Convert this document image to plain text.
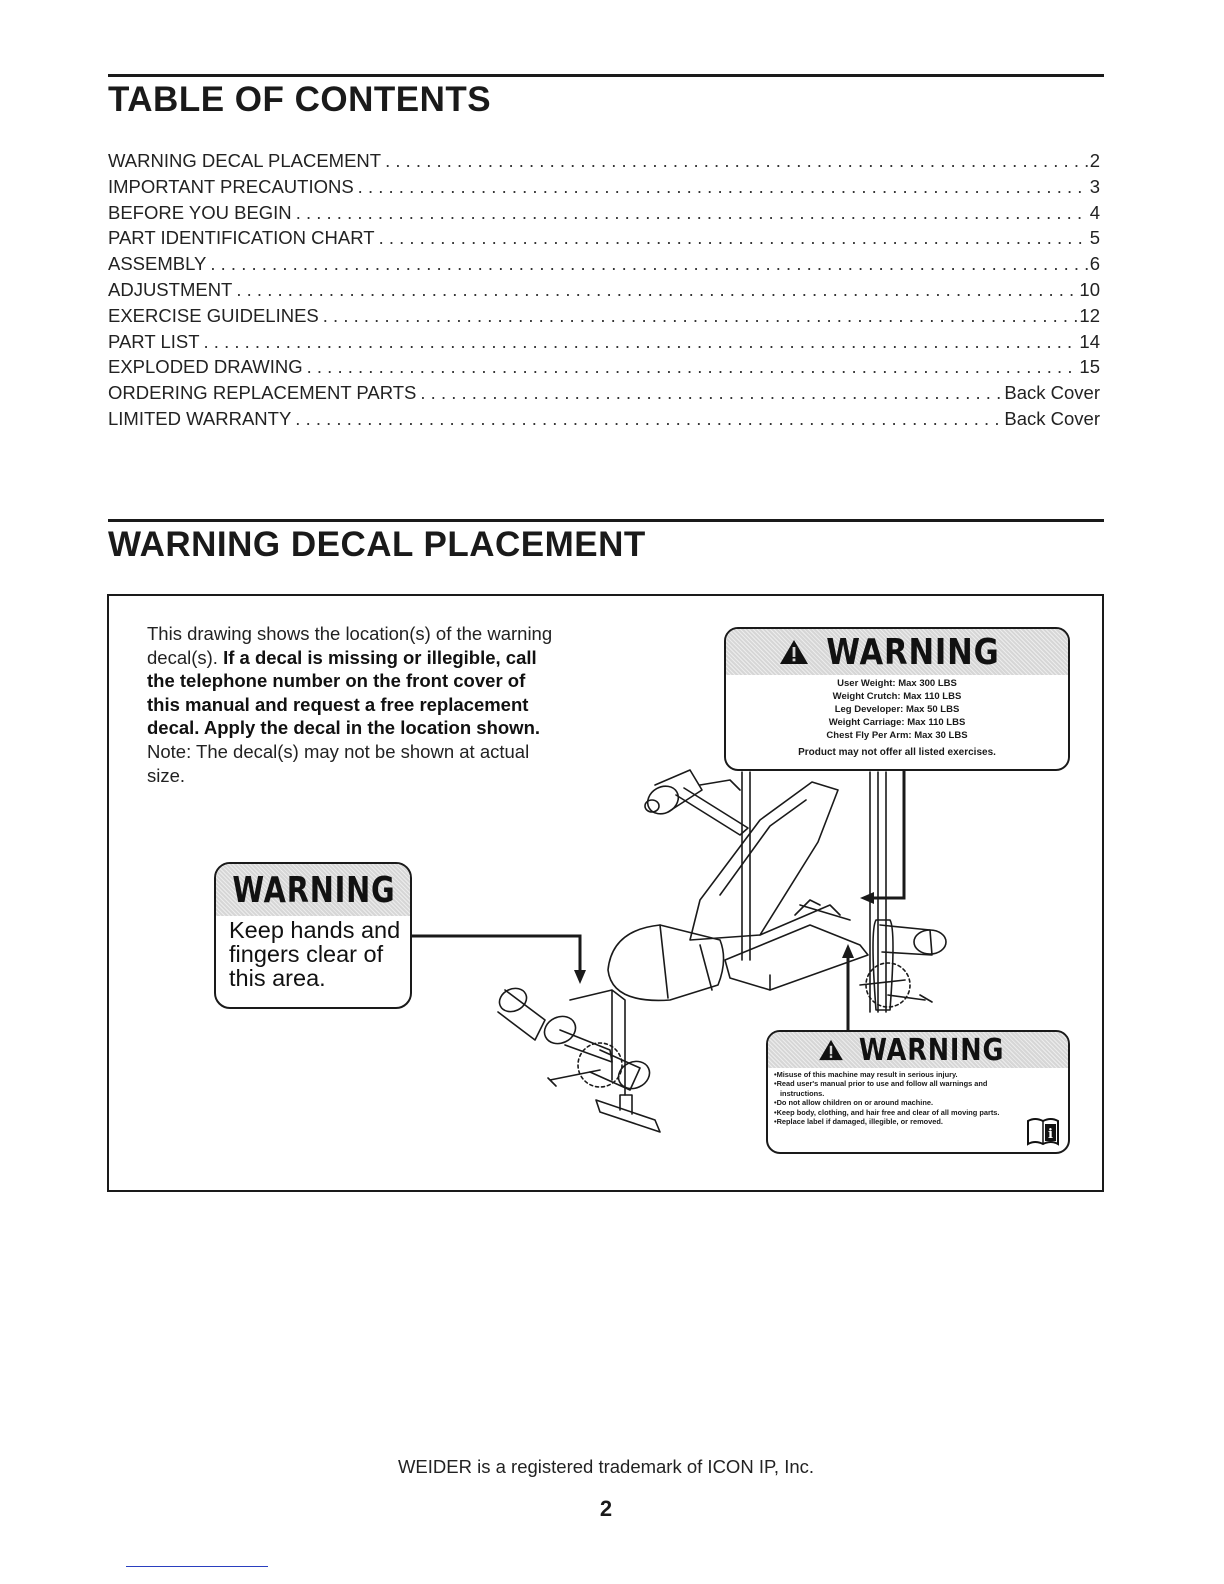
TABLE OF CONTENTS
WARNING DECAL PLACEMENT . . .	2
IMPORTANT PRECAUTIONS . . .	3
BEFORE YOU BEGIN . . .	4
PART IDENTIFICATION CHART . . .	5
ASSEMBLY . . .	6
ADJUSTMENT . . .	10
EXERCISE GUIDELINES . . .	12
PART LIST . . .	14
EXPLODED DRAWING . . .	15
ORDERING REPLACEMENT PARTS . . .	Back Cover
LIMITED WARRANTY . . .	Back Cover
WARNING DECAL PLACEMENT

This drawing shows the location(s) of the warning decal(s). If a decal is missing or illegible, call the telephone number on the front cover of this manual and request a free replacement decal. Apply the decal in the location shown. Note: The decal(s) may not be shown at actual size.

WARNING
User Weight: Max 300 LBS
Weight Crutch: Max 110 LBS
Leg Developer: Max 50 LBS
Weight Carriage: Max 110 LBS
Chest Fly Per Arm: Max 30 LBS
Product may not offer all listed exercises.
WARNING
Keep hands and fingers clear of this area.
WARNING
• Misuse of this machine may result in serious injury.
• Read user's manual prior to use and follow all warnings and instructions.
• Do not allow children on or around machine.
• Keep body, clothing, and hair free and clear of all moving parts.
• Replace label if damaged, illegible, or removed.
i

WEIDER is a registered trademark of ICON IP, Inc.

2
